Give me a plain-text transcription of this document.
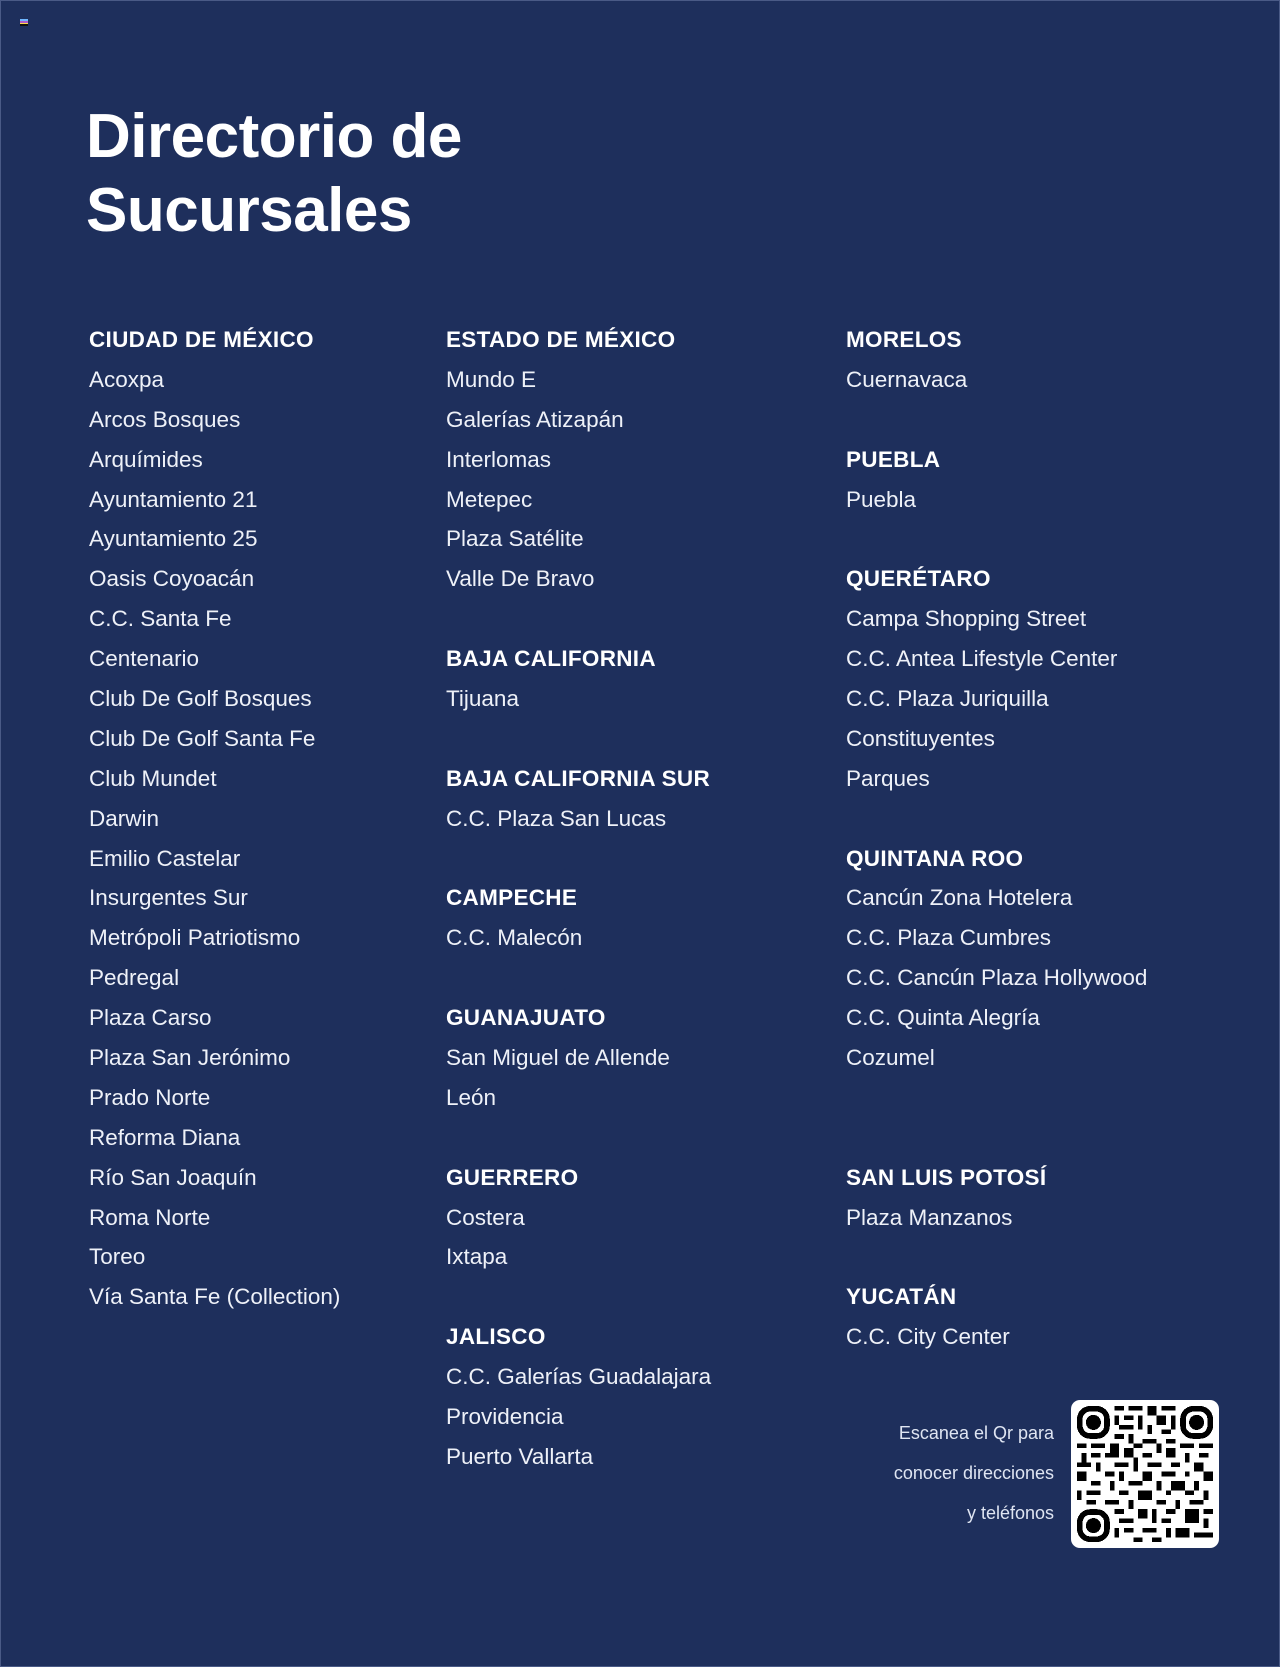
Directorio de
Sucursales
CIUDAD DE MÉXICO
Acoxpa
Arcos Bosques
Arquímides
Ayuntamiento 21
Ayuntamiento 25
Oasis Coyoacán
C.C. Santa Fe
Centenario
Club De Golf Bosques
Club De Golf Santa Fe
Club Mundet
Darwin
Emilio Castelar
Insurgentes Sur
Metrópoli Patriotismo
Pedregal
Plaza Carso
Plaza San Jerónimo
Prado Norte
Reforma Diana
Río San Joaquín
Roma Norte
Toreo
Vía Santa Fe (Collection)
ESTADO DE MÉXICO
Mundo E
Galerías Atizapán
Interlomas
Metepec
Plaza Satélite
Valle De Bravo
BAJA CALIFORNIA
Tijuana
BAJA CALIFORNIA SUR
C.C. Plaza San Lucas
CAMPECHE
C.C. Malecón
GUANAJUATO
San Miguel de Allende
León
GUERRERO
Costera
Ixtapa
JALISCO
C.C. Galerías Guadalajara
Providencia
Puerto Vallarta
MORELOS
Cuernavaca
PUEBLA
Puebla
QUERÉTARO
Campa Shopping Street
C.C. Antea Lifestyle Center
C.C. Plaza Juriquilla
Constituyentes
Parques
QUINTANA ROO
Cancún Zona Hotelera
C.C. Plaza Cumbres
C.C. Cancún Plaza Hollywood
C.C. Quinta Alegría
Cozumel
SAN LUIS POTOSÍ
Plaza Manzanos
YUCATÁN
C.C. City Center
Escanea el Qr para
conocer direcciones
y teléfonos
